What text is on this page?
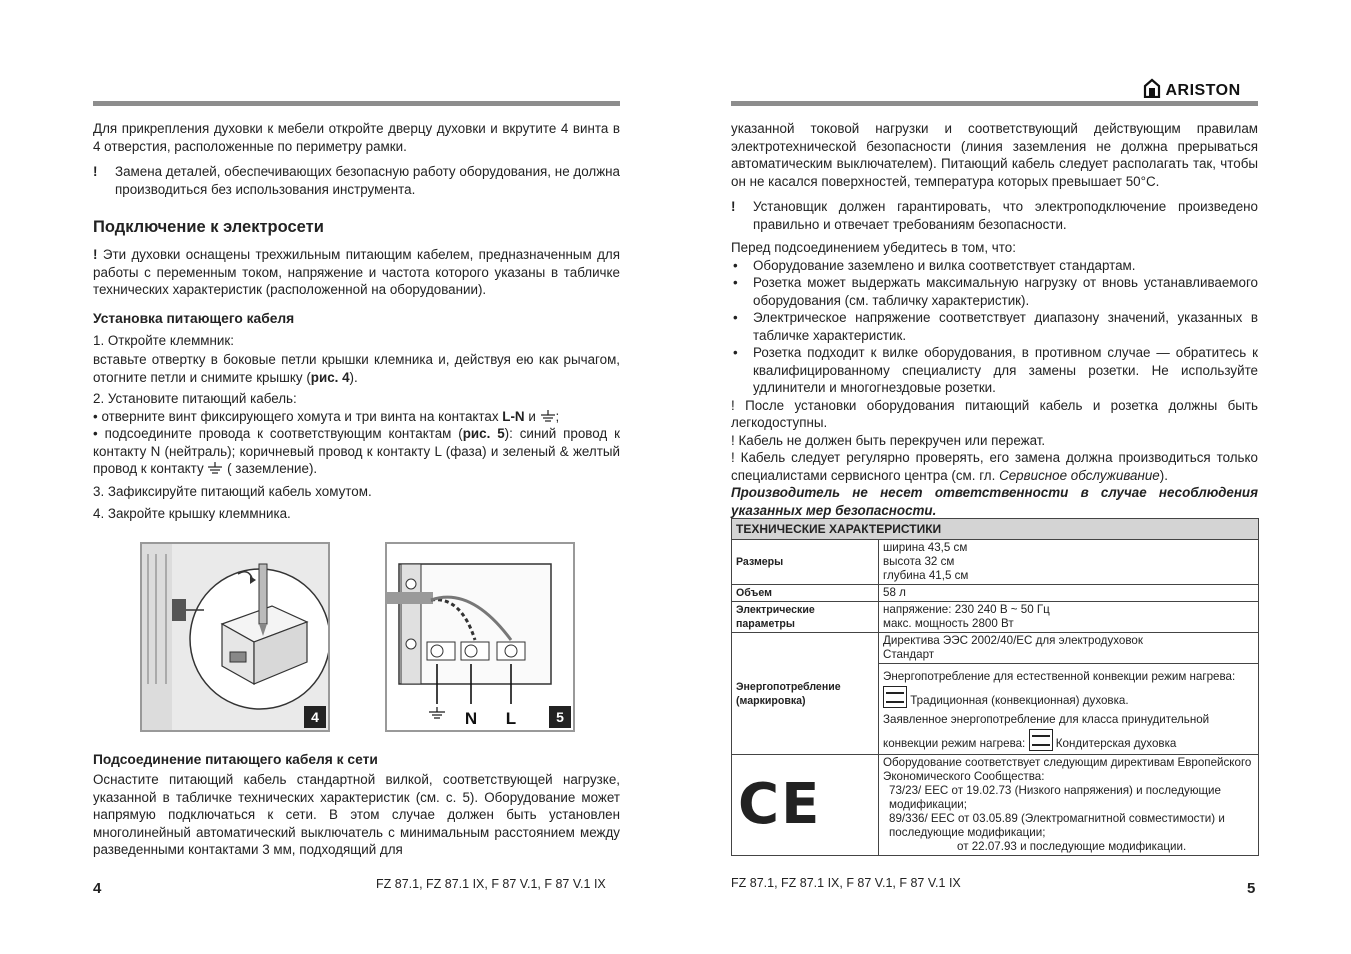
Для прикрепления духовки к мебели откройте дверцу духовки и вкрутите 4 винта в 4 отверстия, расположенные по периметру рамки.

! Замена деталей, обеспечивающих безопасную работу оборудования, не должна производиться без использования инструмента.

Подключение к электросети

! Эти духовки оснащены трехжильным питающим кабелем, предназначенным для работы с переменным током, напряжение и частота которого указаны в табличке технических характеристик (расположенной на оборудовании).

Установка питающего кабеля

1. Откройте клеммник:

вставьте отвертку в боковые петли крышки клемника и, действуя ею как рычагом, отогните петли и снимите крышку (рис. 4).

2. Установите питающий кабель:

• отверните винт фиксирующего хомута и три винта на контактах L-N и ;

• подсоедините провода к соответствующим контактам (рис. 5): синий провод к контакту N (нейтраль); коричневый провод к контакту L (фаза) и зеленый & желтый провод к контакту ( заземление).

3. Зафиксируйте питающий кабель хомутом.

4. Закройте крышку клеммника.

4	N L	5

Подсоединение питающего кабеля к сети

Оснастите питающий кабель стандартной вилкой, соответствующей нагрузке, указанной в табличке технических характеристик (см. с. 5). Оборудование может напрямую подключаться к сети. В этом случае должен быть установлен многолинейный автоматический выключатель с минимальным расстоянием между разведенными контактами 3 мм, подходящий для

4	FZ 87.1, FZ 87.1 IX, F 87 V.1, F 87 V.1 IX
ARISTON

указанной токовой нагрузки и соответствующий действующим правилам электротехнической безопасности (линия заземления не должна прерываться автоматическим выключателем). Питающий кабель следует располагать так, чтобы он не касался поверхностей, температура которых превышает 50°C.

! Установщик должен гарантировать, что электроподключение произведено правильно и отвечает требованиям безопасности.

Перед подсоединением убедитесь в том, что:

• Оборудование заземлено и вилка соответствует стандартам.

• Розетка может выдержать максимальную нагрузку от вновь устанавливаемого оборудования (см. табличку характеристик).

• Электрическое напряжение соответствует диапазону значений, указанных в табличке характеристик.

• Розетка подходит к вилке оборудования, в противном случае — обратитесь к квалифицированному специалисту для замены розетки. Не используйте удлинители и многогнездовые розетки.

! После установки оборудования питающий кабель и розетка должны быть легкодоступны.

! Кабель не должен быть перекручен или пережат.

! Кабель следует регулярно проверять, его замена должна производиться только специалистами сервисного центра (см. гл. Сервисное обслуживание).

Производитель не несет ответственности в случае несоблюдения указанных мер безопасности.

ТЕХНИЧЕСКИЕ ХАРАКТЕРИСТИКИ	
Размеры	ширина 43,5 см
высота 32 см
глубина 41,5 см

Объем	58 л
Электрические параметры	напряжение: 230 240 В ~ 50 Гц
макс. мощность 2800 Вт

Энергопотребление (маркировка)	Директива ЭЭС 2002/40/ЕС для электродуховок
Стандарт

	Энергопотребление для естественной конвекции режим нагрева:  Традиционная (конвекционная) духовка.
Заявленное энергопотребление для класса принудительной конвекции режим нагрева: Кондитерская духовка
CE	Оборудование соответствует следующим директивам Европейского Экономического Сообщества:
73/23/ EEC от 19.02.73 (Низкого напряжения) и последующие модификации;
89/336/ EEC от 03.05.89 (Электромагнитной совместимости) и последующие модификации;
от 22.07.93 и последующие модификации.
FZ 87.1, FZ 87.1 IX, F 87 V.1, F 87 V.1 IX	5
